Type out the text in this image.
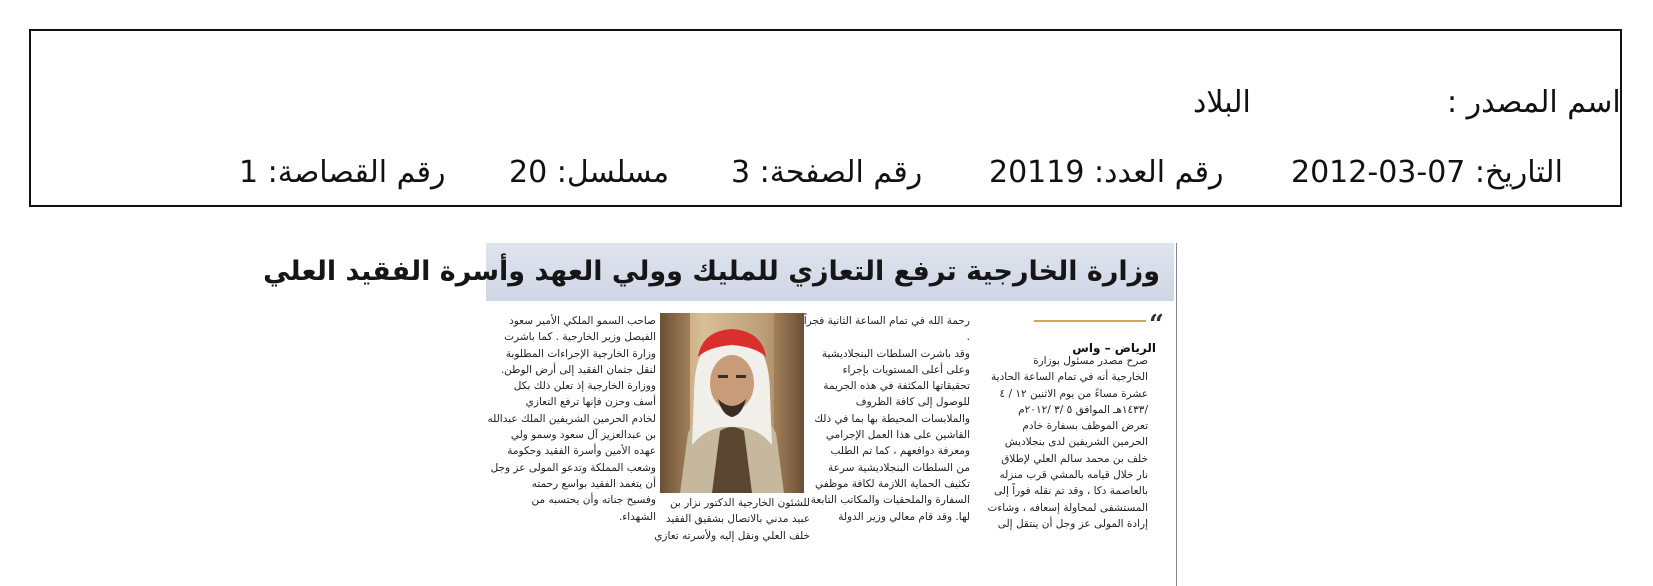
اسم المصدر :
البلاد
التاريخ: 07-03-2012
رقم العدد: 20119
رقم الصفحة: 3
مسلسل: 20
رقم القصاصة: 1
وزارة الخارجية ترفع التعازي للمليك وولي العهد وأسرة الفقيد العلي
“
الرياض – واس

صرح مصدر مسئول بوزارة

الخارجية أنه في تمام الساعة الحادية

عشرة مساءً من يوم الاثنين ١٢ / ٤

/١٤٣٣هـ الموافق ٥ /٣ /٢٠١٢م

تعرض الموظف بسفارة خادم

الحرمين الشريفين لدى بنجلاديش

خلف بن محمد سالم العلي لإطلاق

نار خلال قيامه بالمشي قرب منزله

بالعاصمة دكا ، وقد تم نقله فوراً إلى

المستشفى لمحاولة إسعافه ، وشاءت

إرادة المولى عز وجل أن ينتقل إلى

رحمة الله في تمام الساعة الثانية فجراً

.

وقد باشرت السلطات البنجلاديشية

وعلى أعلى المستويات بإجراء

تحقيقاتها المكثفة في هذه الجريمة

للوصول إلى كافة الظروف

والملابسات المحيطة بها بما في ذلك

القاشين على هذا العمل الإجرامي

ومعرفة دوافعهم ، كما تم الطلب

من السلطات البنجلاديشية سرعة

تكثيف الحماية اللازمة لكافة موظفي

السفارة والملحقيات والمكاتب التابعة

لها. وقد قام معالي وزير الدولة

للشئون الخارجية الدكتور نزار بن

عبيد مدني بالاتصال بشقيق الفقيد

خلف العلي ونقل إليه ولأسرته تعازي

صاحب السمو الملكي الأمير سعود

الفيصل وزير الخارجية . كما باشرت

وزارة الخارجية الإجراءات المطلوبة

لنقل جثمان الفقيد إلى أرض الوطن.

ووزارة الخارجية إذ تعلن ذلك بكل

أسف وحزن فإنها ترفع التعازي

لخادم الحرمين الشريفين الملك عبدالله

بن عبدالعزيز آل سعود وسمو ولي

عهده الأمين وأسرة الفقيد وحكومة

وشعب المملكة وتدعو المولى عز وجل

أن يتغمد الفقيد بواسع رحمته

وفسيح جناته وأن يحتسبه من

الشهداء.
